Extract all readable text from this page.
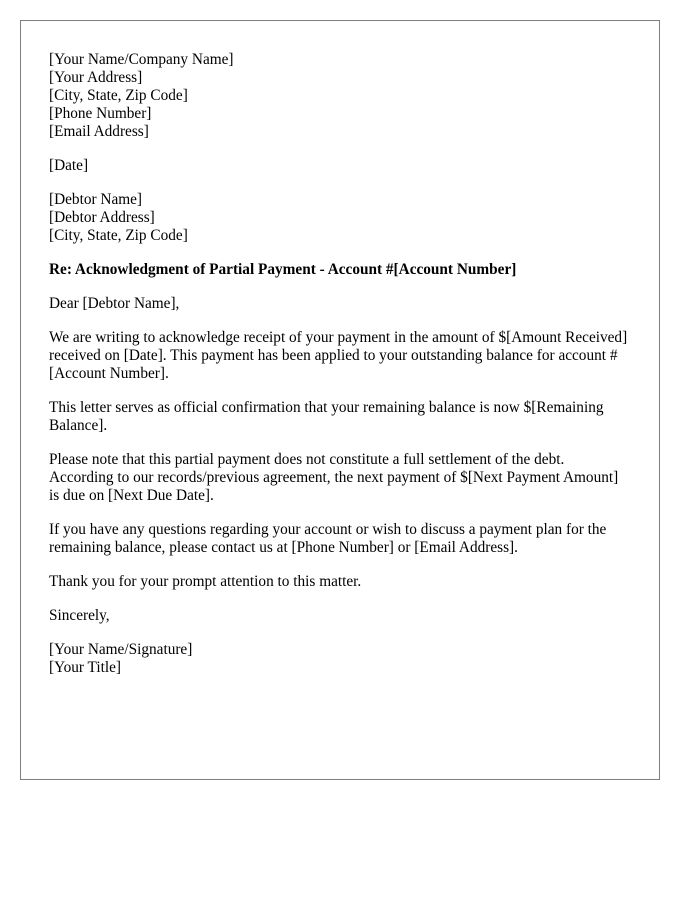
[Your Name/Company Name]
[Your Address]
[City, State, Zip Code]
[Phone Number]
[Email Address]
[Date]
[Debtor Name]
[Debtor Address]
[City, State, Zip Code]

Re: Acknowledgment of Partial Payment - Account #[Account Number]

Dear [Debtor Name],

We are writing to acknowledge receipt of your payment in the amount of $[Amount Received] received on [Date]. This payment has been applied to your outstanding balance for account #[Account Number].

This letter serves as official confirmation that your remaining balance is now $[Remaining Balance].

Please note that this partial payment does not constitute a full settlement of the debt. According to our records/previous agreement, the next payment of $[Next Payment Amount] is due on [Next Due Date].

If you have any questions regarding your account or wish to discuss a payment plan for the remaining balance, please contact us at [Phone Number] or [Email Address].

Thank you for your prompt attention to this matter.

Sincerely,

[Your Name/Signature]
[Your Title]
